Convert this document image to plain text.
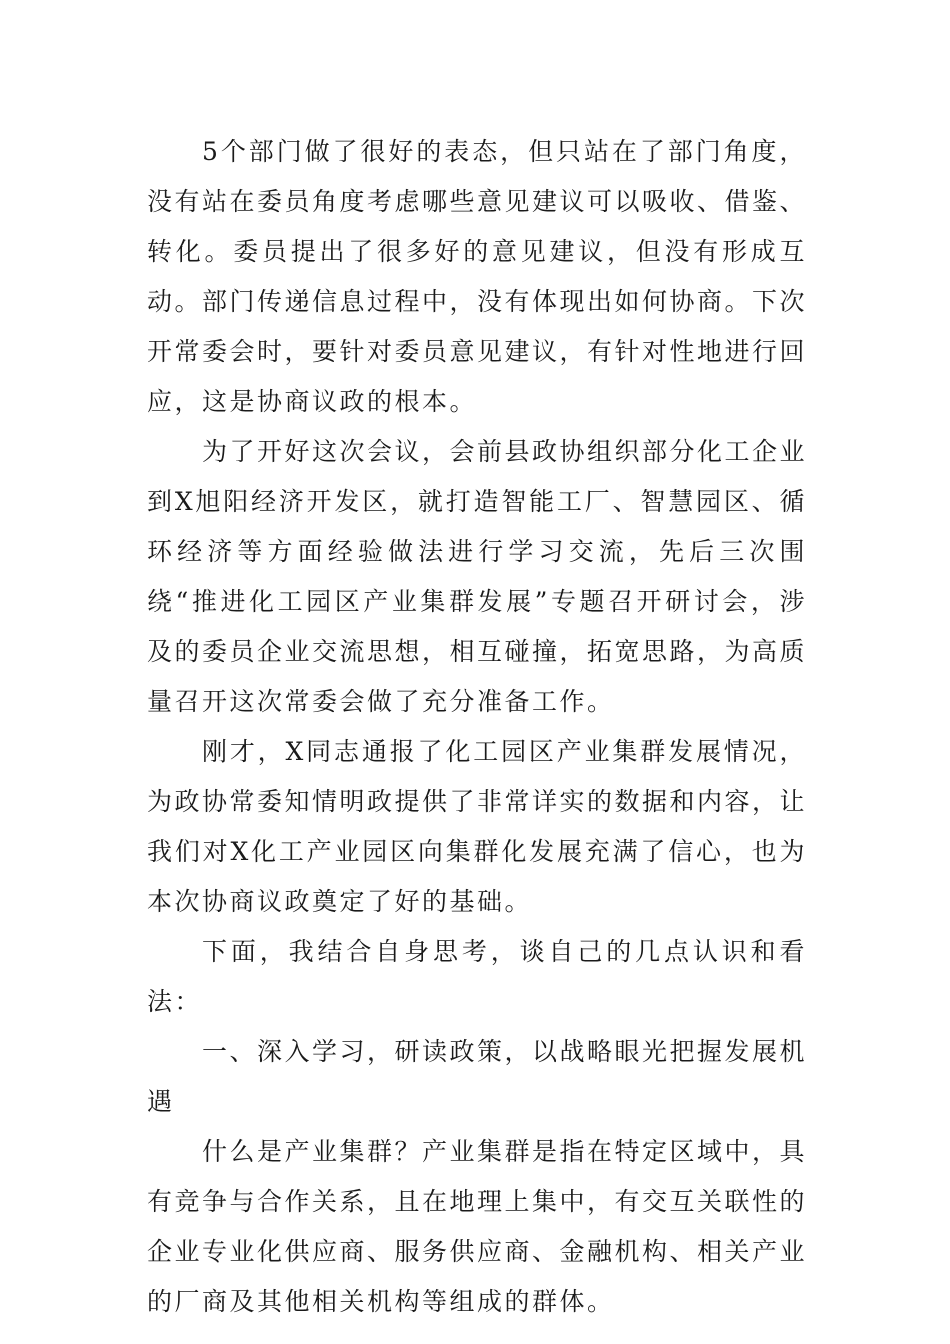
5个部门做了很好的表态，但只站在了部门角度，没有站在委员角度考虑哪些意见建议可以吸收、借鉴、转化。委员提出了很多好的意见建议，但没有形成互动。部门传递信息过程中，没有体现出如何协商。下次开常委会时，要针对委员意见建议，有针对性地进行回应，这是协商议政的根本。

为了开好这次会议，会前县政协组织部分化工企业到X旭阳经济开发区，就打造智能工厂、智慧园区、循环经济等方面经验做法进行学习交流，先后三次围绕“推进化工园区产业集群发展”专题召开研讨会，涉及的委员企业交流思想，相互碰撞，拓宽思路，为高质量召开这次常委会做了充分准备工作。

刚才，X同志通报了化工园区产业集群发展情况，为政协常委知情明政提供了非常详实的数据和内容，让我们对X化工产业园区向集群化发展充满了信心，也为本次协商议政奠定了好的基础。

下面，我结合自身思考，谈自己的几点认识和看法：

一、深入学习，研读政策，以战略眼光把握发展机遇

什么是产业集群？产业集群是指在特定区域中，具有竞争与合作关系，且在地理上集中，有交互关联性的企业专业化供应商、服务供应商、金融机构、相关产业的厂商及其他相关机构等组成的群体。
